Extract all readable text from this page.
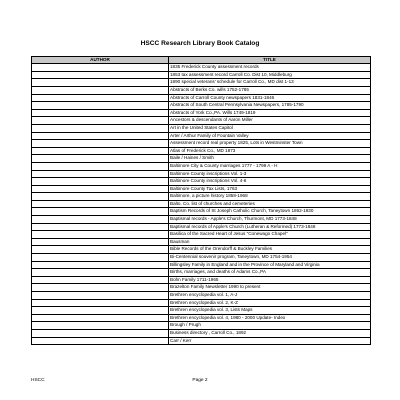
HSCC Research Library Book Catalog
AUTHOR	TITLE
	1835 Frederick County assessment records
	1853 tax assessment record Carroll Co. Dist 10, Middleburg
	1890 special veterans' schedule for Carroll Co., MD dist 1-13
	Abstracts of Berks Co. wills 1752-1785
	Abstracts of Carroll County newspapers 1831-1846
	Abstracts of South Central Pennsylvania Newspapers, 1785-1790
	Abstracts of York Co.,PA. Wills 1749-1819
	Ancestors & descendants of Aaron Miller
	Art in the United States Capitol
	Arter / Arthur Family of Fountain Valley
	Assessment record real property 1825, Lots in Westminster Town
	Atlas of Frederick Co., MD 1873
	Baile / Haines / Smith
	Baltimore City & County marriages 1777 - 1799 A - H
	Baltimore County inscriptions Vol. 1-3
	Baltimore County inscriptions Vol. 4-6
	Baltimore County Tax Lists, 1763
	Baltimore, a picture history 1858-1968
	Balto. Co. list of churches and cemeteries
	Baptism Records of St Joseph Catholic Church, Taneytown 1862-1930
	Baptismal records - Apple's Church, Thurmont, MD 1773-1848
	Baptismal records of Apple's Church (Lutheran & Reformed) 1773-1848
	Basilica of the Sacred Heart of Jesus "Conewago Chapel"
	Bausman
	Bible Records of the Orendorff & Buckley Families
	Bi-Centennial souvenir program, Taneytown, MD 1754-1954
	Billingsley Family in England and in the Province of Maryland and Virginia
	Births, marriages, and deaths of Adams Co.,PA
	Bohn Family 1711-1965
	Brazelton Family Newsletter 1990 to present
	Brethren encyclopedia vol. 1, A-J
	Brethren encyclopedia vol. 2, K-Z
	Brethren encyclopedia vol. 3, Lists Maps
	Brethren encyclopedia vol. 4, 1980 - 2000 Update- Index
	Brough / Prugh
	Business directory , Carroll Co., 1892
	Carr / Kerr
HSCC	Page 2
